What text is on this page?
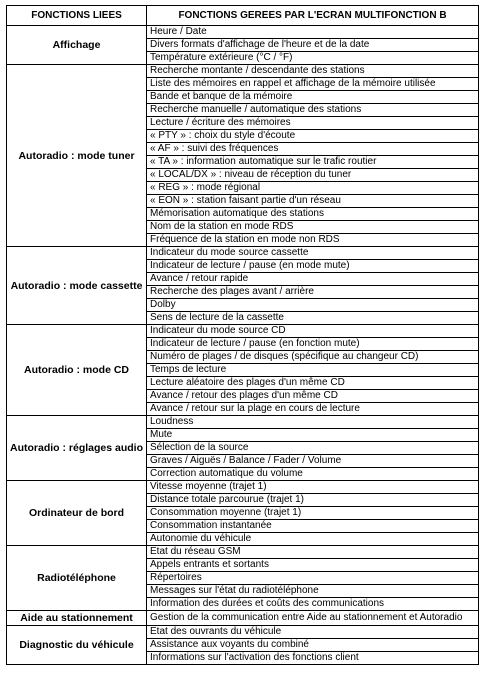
FONCTIONS LIEES	FONCTIONS GEREES PAR L'ECRAN MULTIFONCTION B
Affichage	Heure / Date
	Divers formats d'affichage de l'heure et de la date
	Température extérieure (°C / °F)
Autoradio : mode tuner	Recherche montante / descendante des stations
	Liste des mémoires en rappel et affichage de la mémoire utilisée
	Bande et banque de la mémoire
	Recherche manuelle / automatique des stations
	Lecture / écriture des mémoires
	« PTY » : choix du style d'écoute
	« AF » : suivi des fréquences
	« TA » : information automatique sur le trafic routier
	« LOCAL/DX » : niveau de réception du tuner
	« REG » : mode régional
	« EON » : station faisant partie d'un réseau
	Mémorisation automatique des stations
	Nom de la station en mode RDS
	Fréquence de la station en mode non RDS
Autoradio : mode cassette	Indicateur du mode source cassette
	Indicateur de lecture / pause (en mode mute)
	Avance / retour rapide
	Recherche des plages avant / arrière
	Dolby
	Sens de lecture de la cassette
Autoradio : mode CD	Indicateur du mode source CD
	Indicateur de lecture / pause (en fonction mute)
	Numéro de plages / de disques (spécifique au changeur CD)
	Temps de lecture
	Lecture aléatoire des plages d'un même CD
	Avance / retour des plages d'un même CD
	Avance / retour sur la plage en cours de lecture
Autoradio : réglages audio	Loudness
	Mute
	Sélection de la source
	Graves / Aiguës / Balance / Fader / Volume
	Correction automatique du volume
Ordinateur de bord	Vitesse moyenne (trajet 1)
	Distance totale parcourue (trajet 1)
	Consommation moyenne (trajet 1)
	Consommation instantanée
	Autonomie du véhicule
Radiotéléphone	Etat du réseau GSM
	Appels entrants et sortants
	Répertoires
	Messages sur l'état du radiotéléphone
	Information des durées et coûts des communications
Aide au stationnement	Gestion de la communication entre Aide au stationnement et Autoradio
Diagnostic du véhicule	Etat des ouvrants du véhicule
	Assistance aux voyants du combiné
	Informations sur l'activation des fonctions client
